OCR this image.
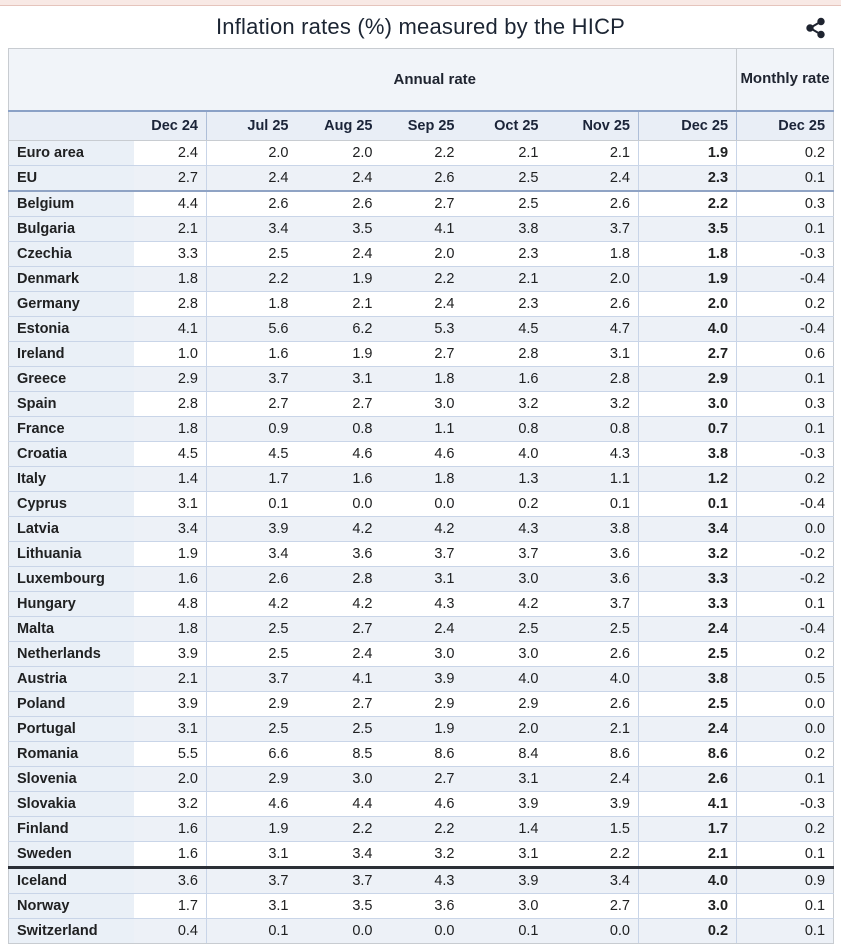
Inflation rates (%) measured by the HICP
	Annual rate							Monthly rate
	Dec 24	Jul 25	Aug 25	Sep 25	Oct 25	Nov 25	Dec 25	Dec 25
Euro area	2.4	2.0	2.0	2.2	2.1	2.1	1.9	0.2
EU	2.7	2.4	2.4	2.6	2.5	2.4	2.3	0.1
Belgium	4.4	2.6	2.6	2.7	2.5	2.6	2.2	0.3
Bulgaria	2.1	3.4	3.5	4.1	3.8	3.7	3.5	0.1
Czechia	3.3	2.5	2.4	2.0	2.3	1.8	1.8	-0.3
Denmark	1.8	2.2	1.9	2.2	2.1	2.0	1.9	-0.4
Germany	2.8	1.8	2.1	2.4	2.3	2.6	2.0	0.2
Estonia	4.1	5.6	6.2	5.3	4.5	4.7	4.0	-0.4
Ireland	1.0	1.6	1.9	2.7	2.8	3.1	2.7	0.6
Greece	2.9	3.7	3.1	1.8	1.6	2.8	2.9	0.1
Spain	2.8	2.7	2.7	3.0	3.2	3.2	3.0	0.3
France	1.8	0.9	0.8	1.1	0.8	0.8	0.7	0.1
Croatia	4.5	4.5	4.6	4.6	4.0	4.3	3.8	-0.3
Italy	1.4	1.7	1.6	1.8	1.3	1.1	1.2	0.2
Cyprus	3.1	0.1	0.0	0.0	0.2	0.1	0.1	-0.4
Latvia	3.4	3.9	4.2	4.2	4.3	3.8	3.4	0.0
Lithuania	1.9	3.4	3.6	3.7	3.7	3.6	3.2	-0.2
Luxembourg	1.6	2.6	2.8	3.1	3.0	3.6	3.3	-0.2
Hungary	4.8	4.2	4.2	4.3	4.2	3.7	3.3	0.1
Malta	1.8	2.5	2.7	2.4	2.5	2.5	2.4	-0.4
Netherlands	3.9	2.5	2.4	3.0	3.0	2.6	2.5	0.2
Austria	2.1	3.7	4.1	3.9	4.0	4.0	3.8	0.5
Poland	3.9	2.9	2.7	2.9	2.9	2.6	2.5	0.0
Portugal	3.1	2.5	2.5	1.9	2.0	2.1	2.4	0.0
Romania	5.5	6.6	8.5	8.6	8.4	8.6	8.6	0.2
Slovenia	2.0	2.9	3.0	2.7	3.1	2.4	2.6	0.1
Slovakia	3.2	4.6	4.4	4.6	3.9	3.9	4.1	-0.3
Finland	1.6	1.9	2.2	2.2	1.4	1.5	1.7	0.2
Sweden	1.6	3.1	3.4	3.2	3.1	2.2	2.1	0.1
Iceland	3.6	3.7	3.7	4.3	3.9	3.4	4.0	0.9
Norway	1.7	3.1	3.5	3.6	3.0	2.7	3.0	0.1
Switzerland	0.4	0.1	0.0	0.0	0.1	0.0	0.2	0.1
